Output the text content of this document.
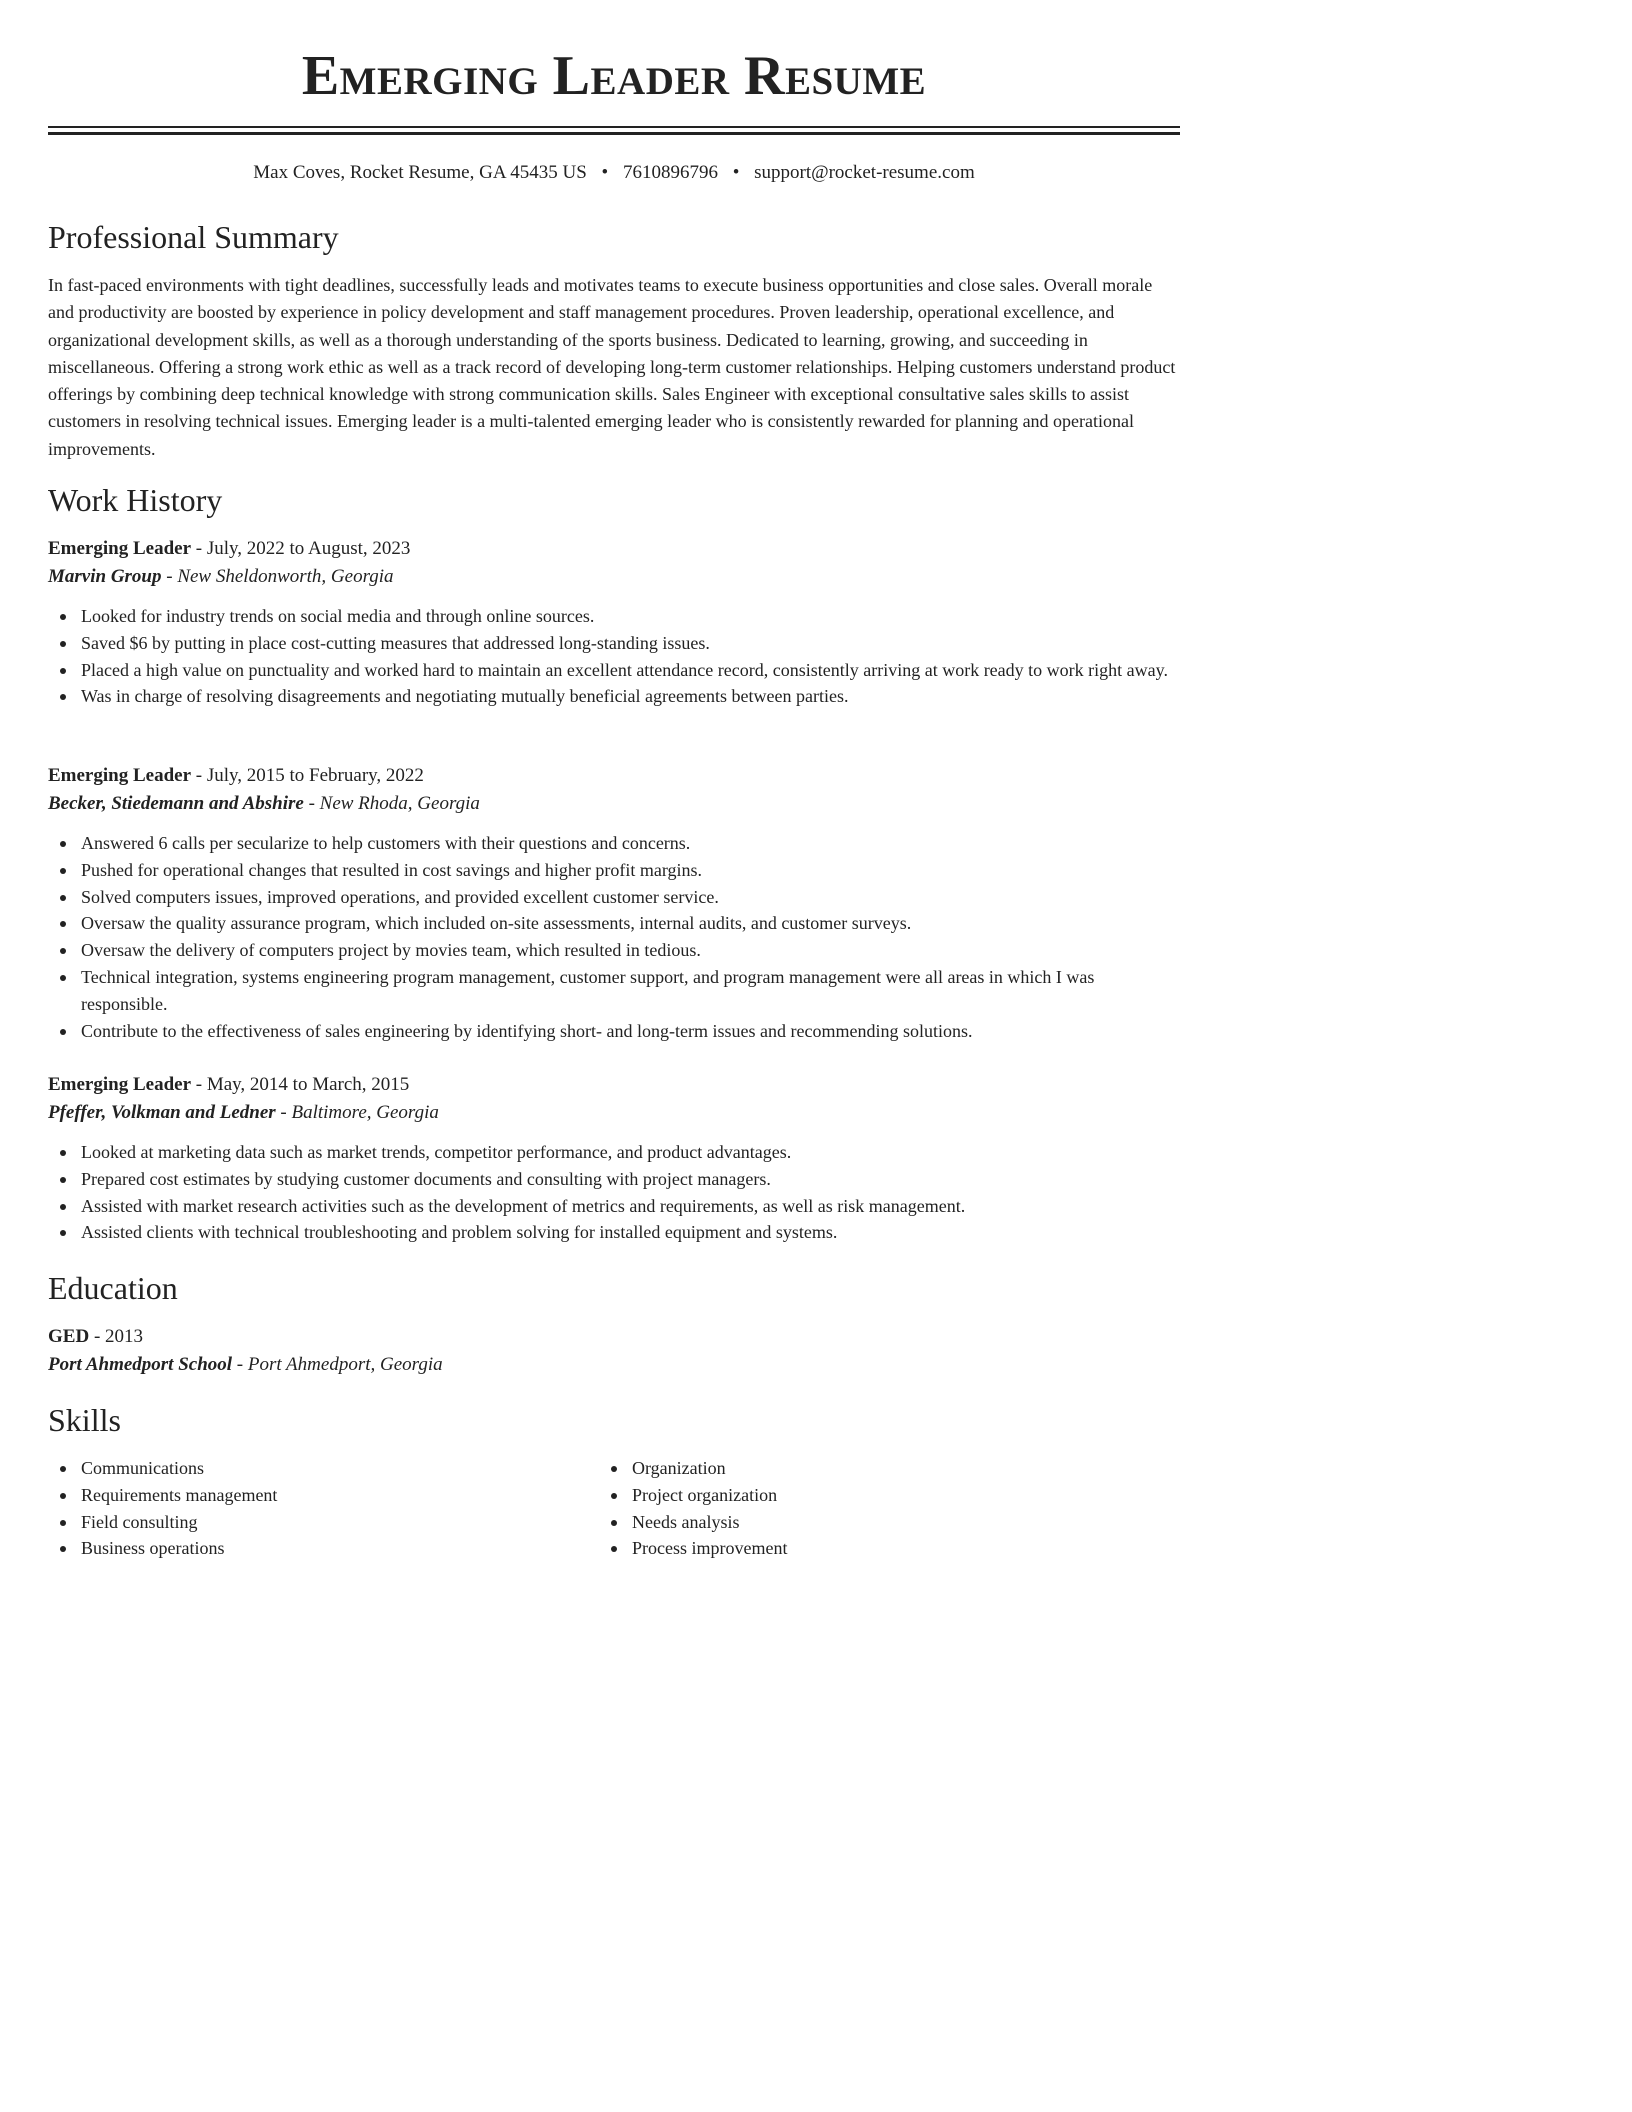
Emerging Leader Resume
Max Coves, Rocket Resume, GA 45435 US • 7610896796 • support@rocket-resume.com
Professional Summary

In fast-paced environments with tight deadlines, successfully leads and motivates teams to execute business opportunities and close sales. Overall morale and productivity are boosted by experience in policy development and staff management procedures. Proven leadership, operational excellence, and organizational development skills, as well as a thorough understanding of the sports business. Dedicated to learning, growing, and succeeding in miscellaneous. Offering a strong work ethic as well as a track record of developing long-term customer relationships. Helping customers understand product offerings by combining deep technical knowledge with strong communication skills. Sales Engineer with exceptional consultative sales skills to assist customers in resolving technical issues. Emerging leader is a multi-talented emerging leader who is consistently rewarded for planning and operational improvements.

Work History
Emerging Leader - July, 2022 to August, 2023
Marvin Group - New Sheldonworth, Georgia
Looked for industry trends on social media and through online sources.
Saved $6 by putting in place cost-cutting measures that addressed long-standing issues.
Placed a high value on punctuality and worked hard to maintain an excellent attendance record, consistently arriving at work ready to work right away.
Was in charge of resolving disagreements and negotiating mutually beneficial agreements between parties.
Emerging Leader - July, 2015 to February, 2022
Becker, Stiedemann and Abshire - New Rhoda, Georgia
Answered 6 calls per secularize to help customers with their questions and concerns.
Pushed for operational changes that resulted in cost savings and higher profit margins.
Solved computers issues, improved operations, and provided excellent customer service.
Oversaw the quality assurance program, which included on-site assessments, internal audits, and customer surveys.
Oversaw the delivery of computers project by movies team, which resulted in tedious.
Technical integration, systems engineering program management, customer support, and program management were all areas in which I was responsible.
Contribute to the effectiveness of sales engineering by identifying short- and long-term issues and recommending solutions.
Emerging Leader - May, 2014 to March, 2015
Pfeffer, Volkman and Ledner - Baltimore, Georgia
Looked at marketing data such as market trends, competitor performance, and product advantages.
Prepared cost estimates by studying customer documents and consulting with project managers.
Assisted with market research activities such as the development of metrics and requirements, as well as risk management.
Assisted clients with technical troubleshooting and problem solving for installed equipment and systems.
Education
GED - 2013
Port Ahmedport School - Port Ahmedport, Georgia
Skills
Communications
Requirements management
Field consulting
Business operations
Organization
Project organization
Needs analysis
Process improvement
